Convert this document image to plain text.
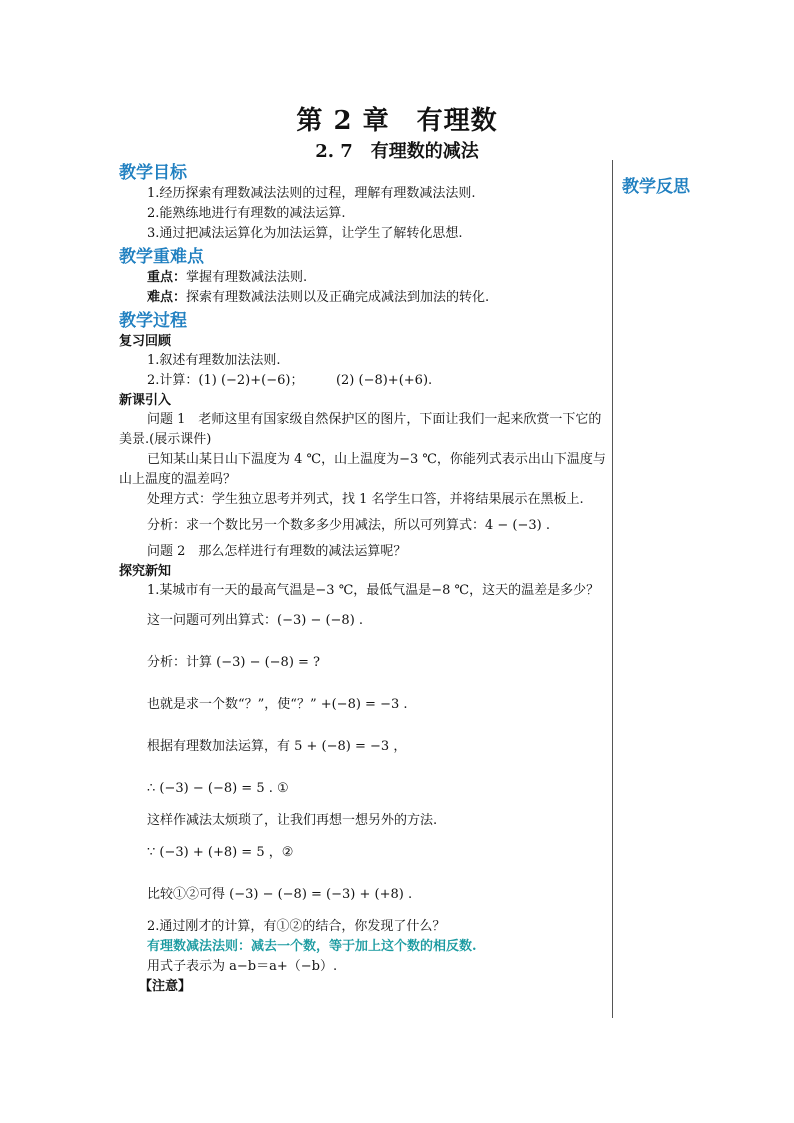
第 2 章　有理数
2. 7　有理数的减法
教学反思
教学目标

1.经历探索有理数减法法则的过程，理解有理数减法法则.

2.能熟练地进行有理数的减法运算.

3.通过把减法运算化为加法运算，让学生了解转化思想.

教学重难点

重点：掌握有理数减法法则.

难点：探索有理数减法法则以及正确完成减法到加法的转化.

教学过程
复习回顾

1.叙述有理数加法法则.

2.计算：(1) (−2)+(−6)；　　　(2) (−8)+(+6).

新课引入

问题 1　老师这里有国家级自然保护区的图片，下面让我们一起来欣赏一下它的美景.(展示课件)

已知某山某日山下温度为 4 ℃，山上温度为−3 ℃，你能列式表示出山下温度与山上温度的温差吗？

处理方式：学生独立思考并列式，找 1 名学生口答，并将结果展示在黑板上.

分析：求一个数比另一个数多多少用减法，所以可列算式：4 − (−3) .

问题 2　那么怎样进行有理数的减法运算呢？

探究新知

1.某城市有一天的最高气温是−3 ℃，最低气温是−8 ℃，这天的温差是多少？

这一问题可列出算式：(−3) − (−8) .

分析：计算 (−3) − (−8) = ?

也就是求一个数“？”，使“？” +(−8) = −3 .

根据有理数加法运算，有 5 + (−8) = −3 ，

∴ (−3) − (−8) = 5 . ①

这样作减法太烦琐了，让我们再想一想另外的方法.

∵ (−3) + (+8) = 5 ，②

比较①②可得 (−3) − (−8) = (−3) + (+8) .

2.通过刚才的计算，有①②的结合，你发现了什么？

有理数减法法则：减去一个数，等于加上这个数的相反数.

用式子表示为 a−b＝a+（−b）.

【注意】
